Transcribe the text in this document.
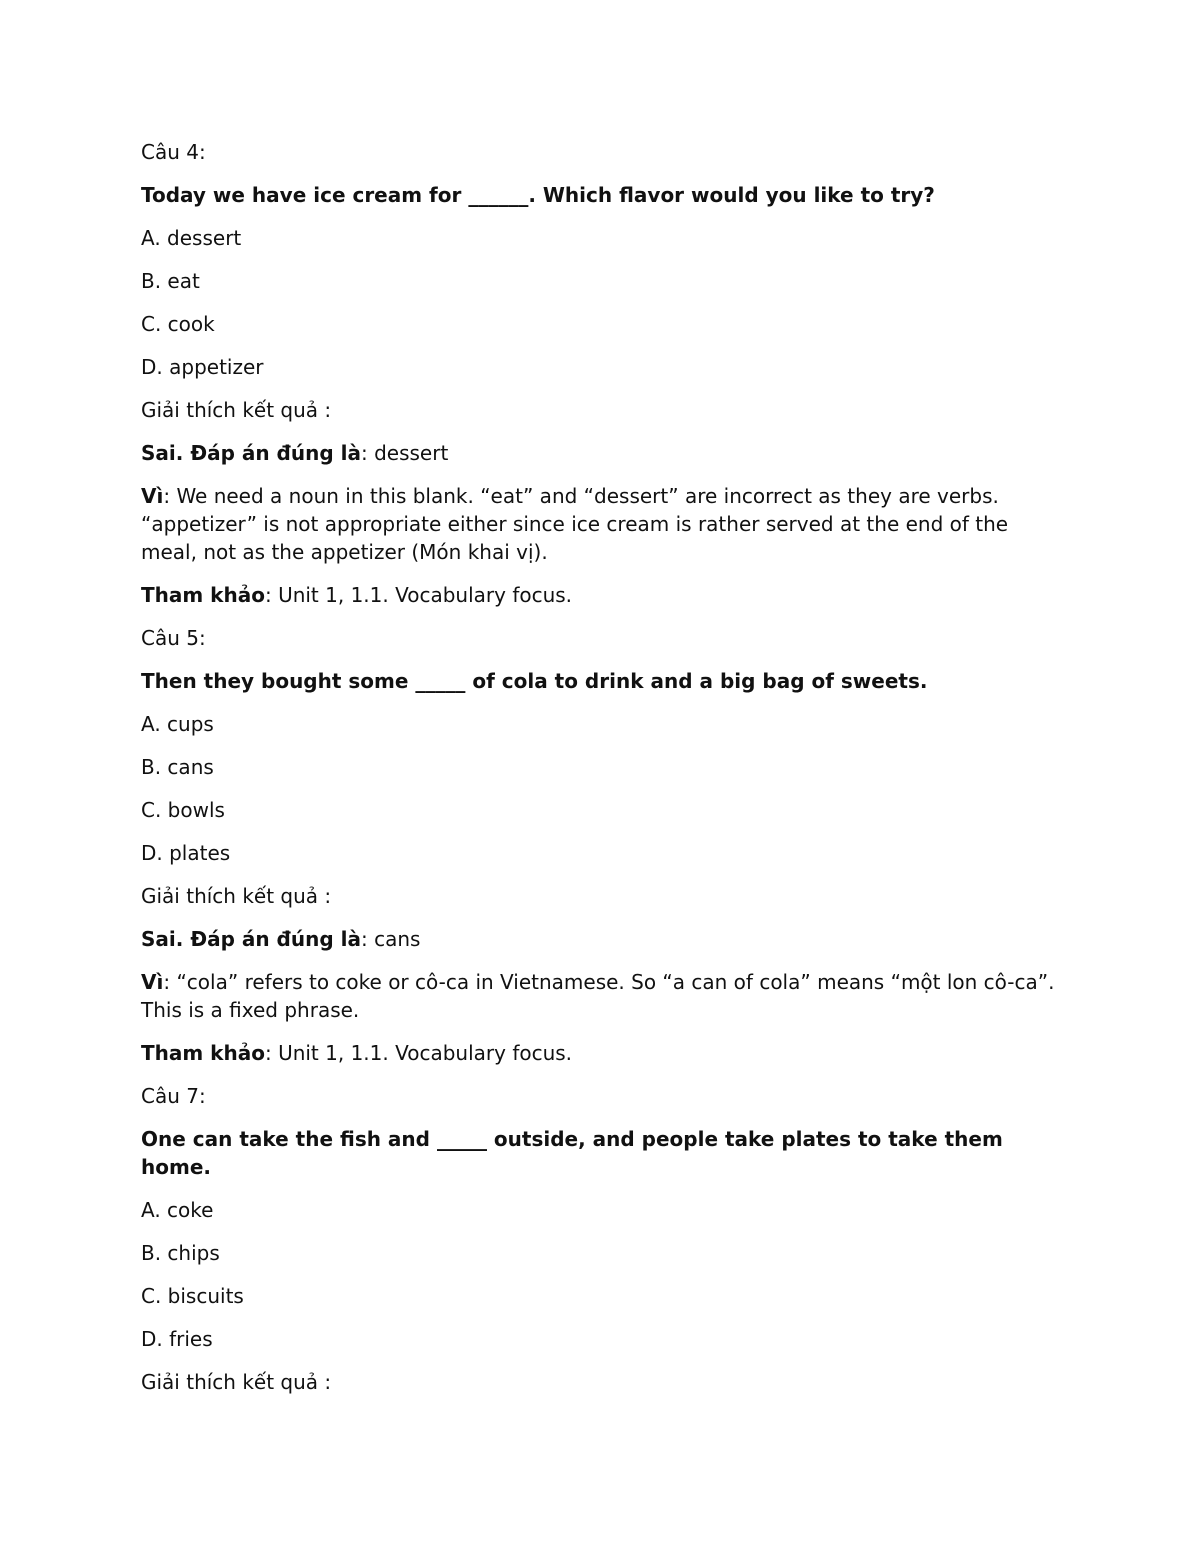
Câu 4:
Today we have ice cream for ______. Which flavor would you like to try?
A. dessert
B. eat
C. cook
D. appetizer
Giải thích kết quả :
Sai. Đáp án đúng là: dessert
Vì: We need a noun in this blank. “eat” and “dessert” are incorrect as they are verbs. “appetizer” is not appropriate either since ice cream is rather served at the end of the meal, not as the appetizer (Món khai vị).
Tham khảo: Unit 1, 1.1. Vocabulary focus.
Câu 5:
Then they bought some _____ of cola to drink and a big bag of sweets.
A. cups
B. cans
C. bowls
D. plates
Giải thích kết quả :
Sai. Đáp án đúng là: cans
Vì: “cola” refers to coke or cô-ca in Vietnamese. So “a can of cola” means “một lon cô-ca”. This is a fixed phrase.
Tham khảo: Unit 1, 1.1. Vocabulary focus.
Câu 7:
One can take the fish and _____ outside, and people take plates to take them home.
A. coke
B. chips
C. biscuits
D. fries
Giải thích kết quả :
